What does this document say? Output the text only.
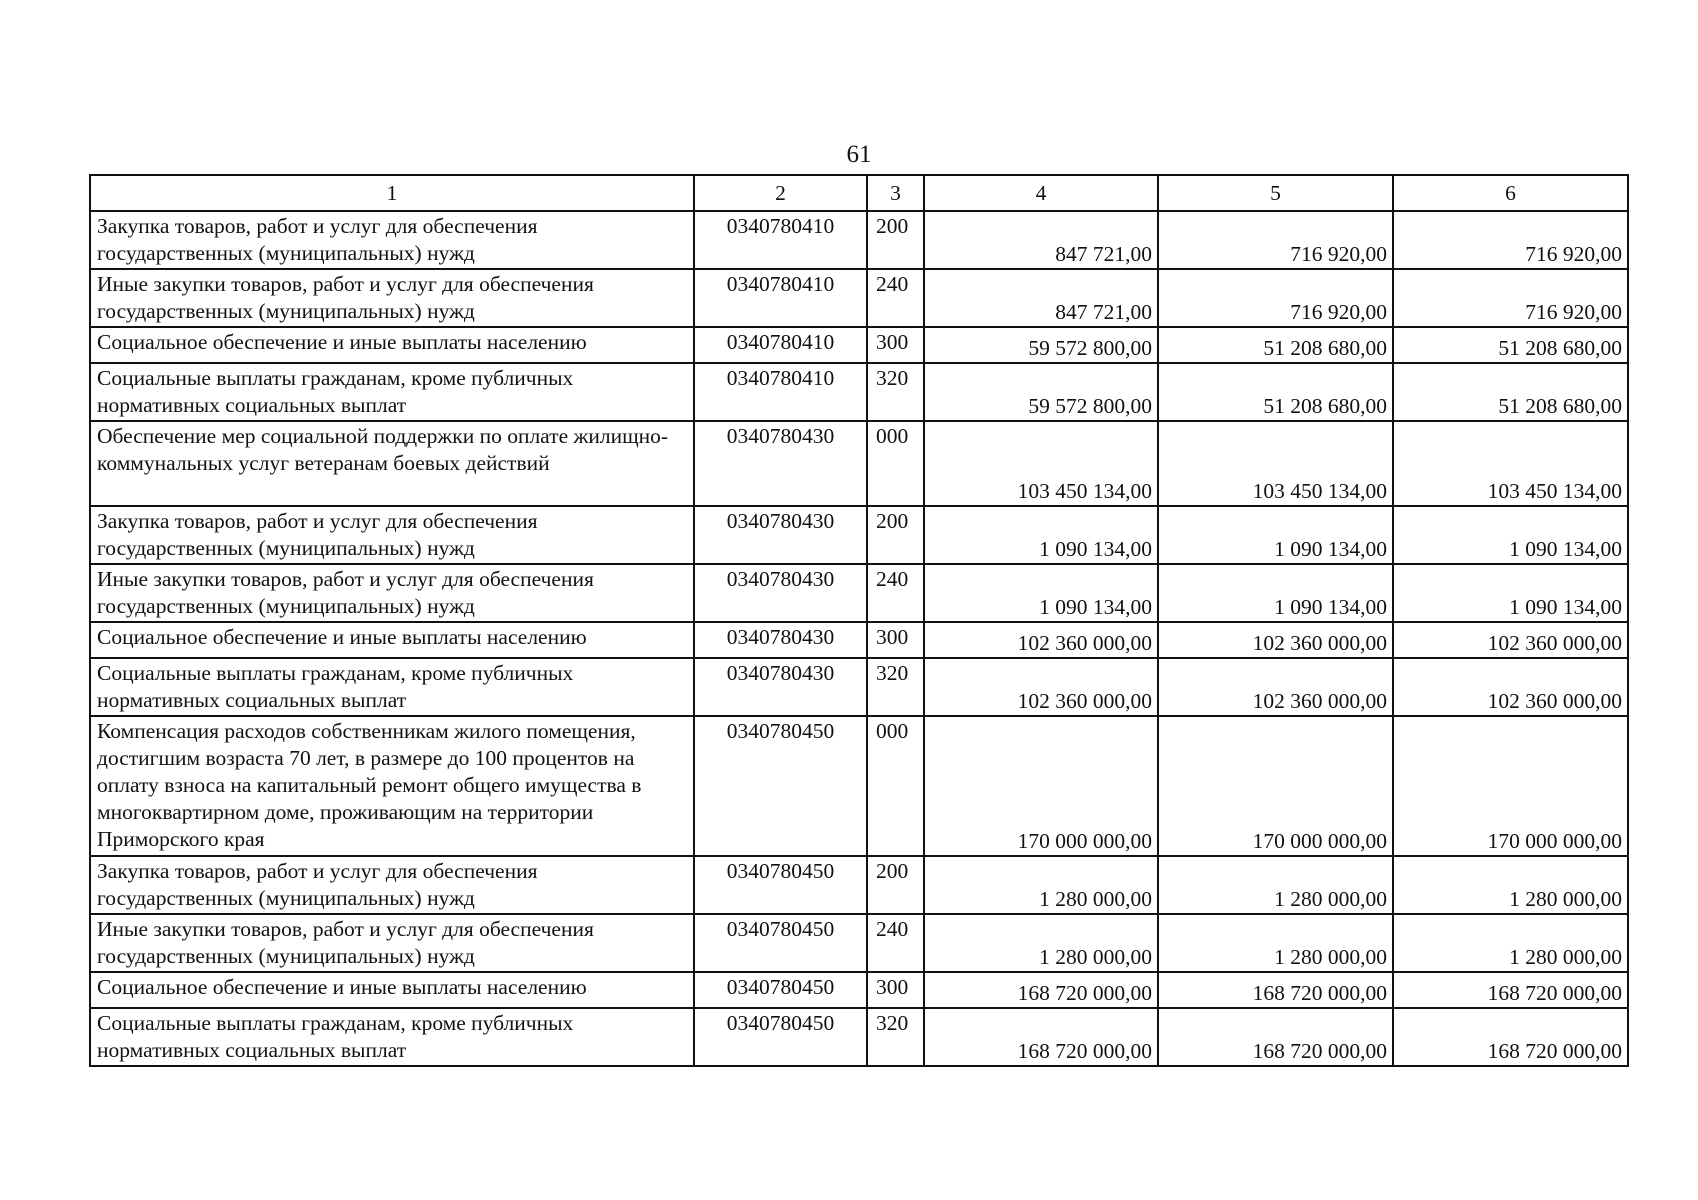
61
1	2	3	4	5	6
Закупка товаров, работ и услуг для обеспечения государственных (муниципальных) нужд	0340780410	200	847 721,00	716 920,00	716 920,00
Иные закупки товаров, работ и услуг для обеспечения государственных (муниципальных) нужд	0340780410	240	847 721,00	716 920,00	716 920,00
Социальное обеспечение и иные выплаты населению	0340780410	300	59 572 800,00	51 208 680,00	51 208 680,00
Социальные выплаты гражданам, кроме публичных нормативных социальных выплат	0340780410	320	59 572 800,00	51 208 680,00	51 208 680,00
Обеспечение мер социальной поддержки по оплате жилищно-коммунальных услуг ветеранам боевых действий	0340780430	000	103 450 134,00	103 450 134,00	103 450 134,00
Закупка товаров, работ и услуг для обеспечения государственных (муниципальных) нужд	0340780430	200	1 090 134,00	1 090 134,00	1 090 134,00
Иные закупки товаров, работ и услуг для обеспечения государственных (муниципальных) нужд	0340780430	240	1 090 134,00	1 090 134,00	1 090 134,00
Социальное обеспечение и иные выплаты населению	0340780430	300	102 360 000,00	102 360 000,00	102 360 000,00
Социальные выплаты гражданам, кроме публичных нормативных социальных выплат	0340780430	320	102 360 000,00	102 360 000,00	102 360 000,00
Компенсация расходов собственникам жилого помещения, достигшим возраста 70 лет, в размере до 100 процентов на оплату взноса на капитальный ремонт общего имущества в многоквартирном доме, проживающим на территории Приморского края	0340780450	000	170 000 000,00	170 000 000,00	170 000 000,00
Закупка товаров, работ и услуг для обеспечения государственных (муниципальных) нужд	0340780450	200	1 280 000,00	1 280 000,00	1 280 000,00
Иные закупки товаров, работ и услуг для обеспечения государственных (муниципальных) нужд	0340780450	240	1 280 000,00	1 280 000,00	1 280 000,00
Социальное обеспечение и иные выплаты населению	0340780450	300	168 720 000,00	168 720 000,00	168 720 000,00
Социальные выплаты гражданам, кроме публичных нормативных социальных выплат	0340780450	320	168 720 000,00	168 720 000,00	168 720 000,00
